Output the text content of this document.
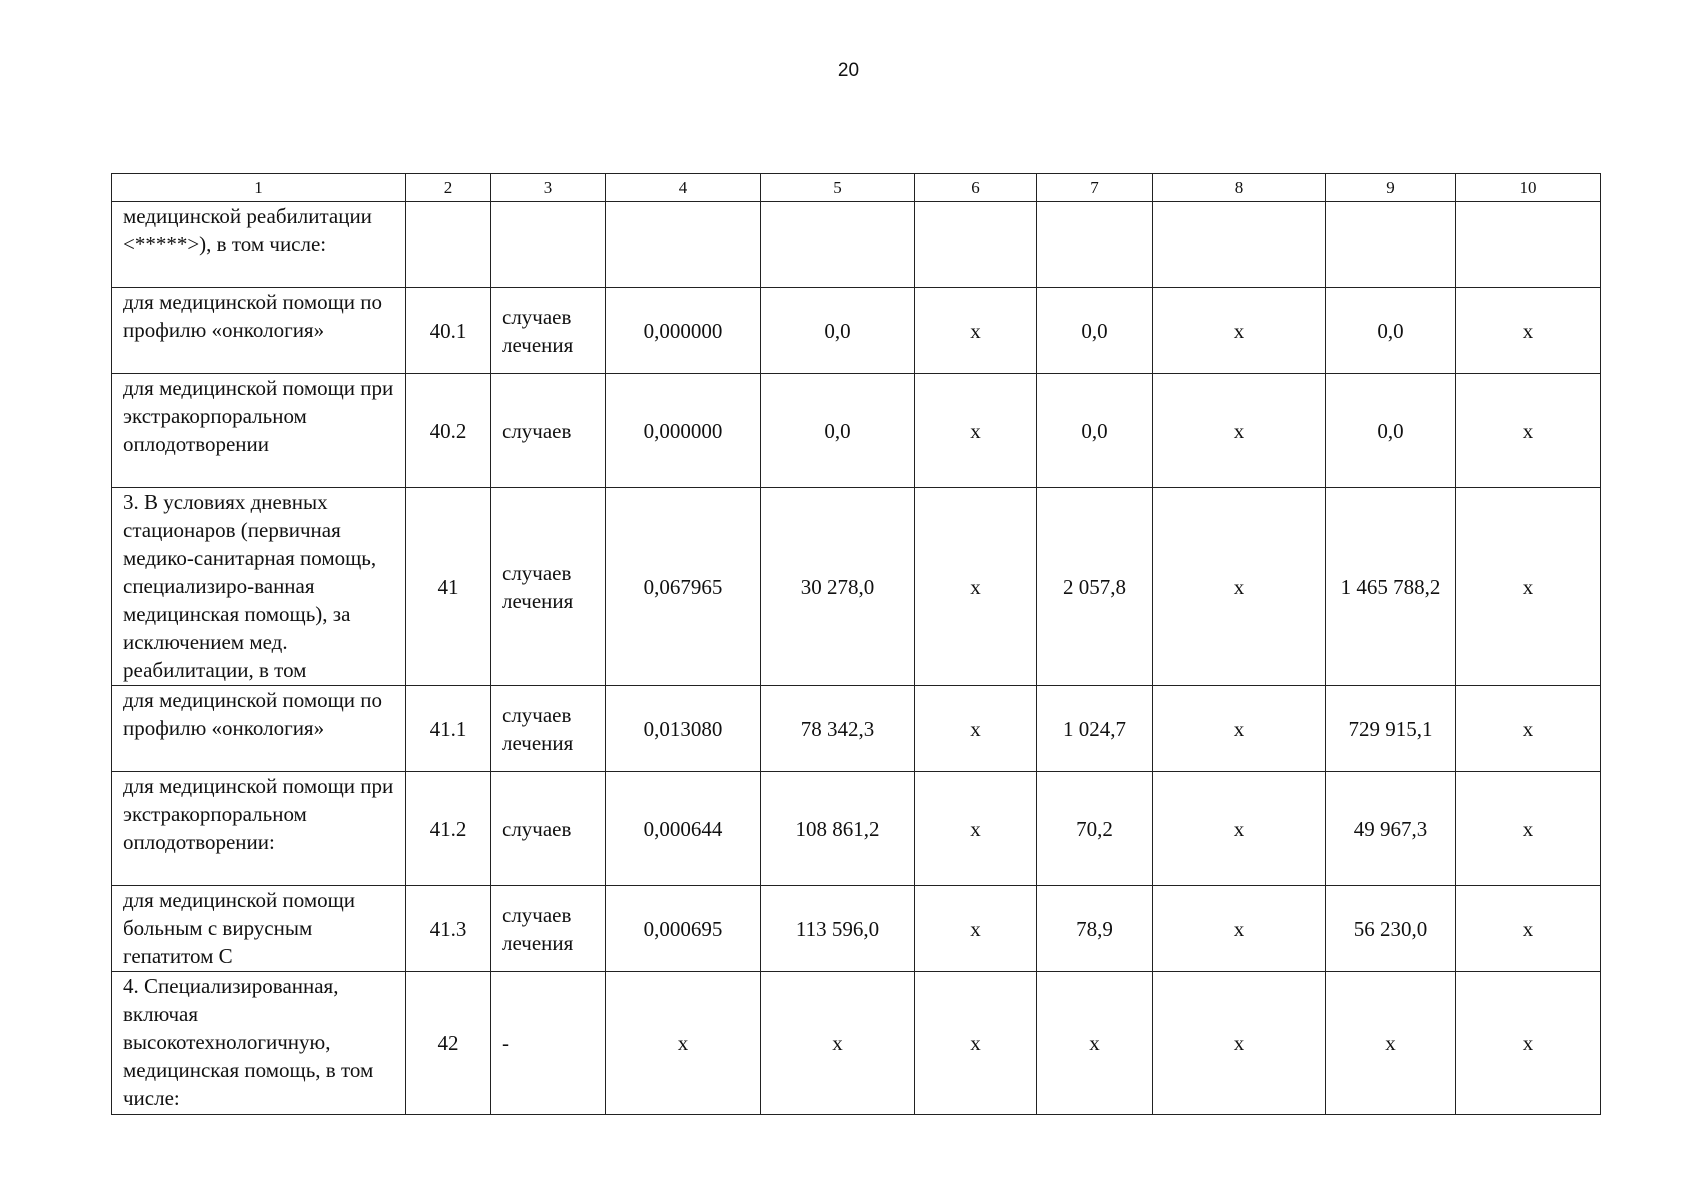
20
1	2	3	4	5	6	7	8	9	10

медицинской реабилитации <*****>), в том числе:									

для медицинской помощи по профилю «онкология»	40.1	случаев лечения	0,000000	0,0	x	0,0	x	0,0	x

для медицинской помощи при экстракорпоральном оплодотворении	40.2	случаев	0,000000	0,0	x	0,0	x	0,0	x

3. В условиях дневных стационаров (первичная медико-санитарная помощь, специализиро-ванная медицинская помощь), за исключением мед. реабилитации, в том	41	случаев лечения	0,067965	30 278,0	x	2 057,8	x	1 465 788,2	x

для медицинской помощи по профилю «онкология»	41.1	случаев лечения	0,013080	78 342,3	x	1 024,7	x	729 915,1	x

для медицинской помощи при экстракорпоральном оплодотворении:	41.2	случаев	0,000644	108 861,2	x	70,2	x	49 967,3	x

для медицинской помощи больным с вирусным гепатитом С	41.3	случаев лечения	0,000695	113 596,0	x	78,9	x	56 230,0	x

4. Специализированная, включая высокотехнологичную, медицинская помощь, в том числе:	42	-	x	x	x	x	x	x	x
